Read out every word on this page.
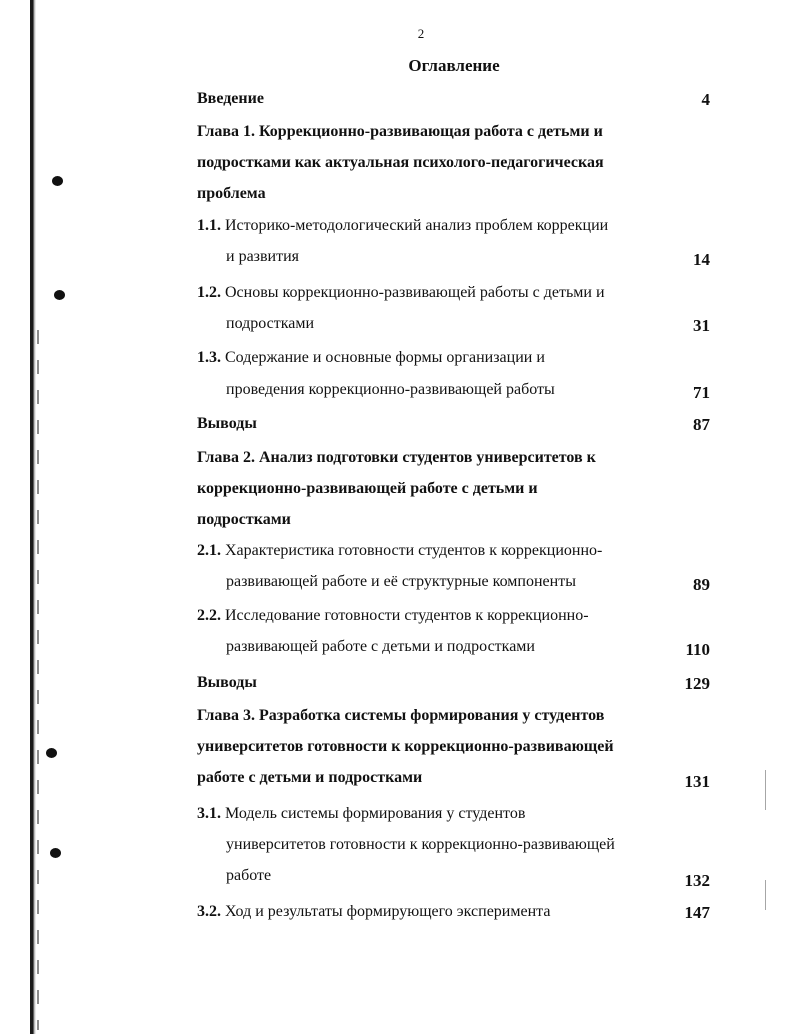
2
Оглавление
Введение	4
Глава 1. Коррекционно-развивающая работа с детьми и
подростками как актуальная психолого-педагогическая
проблема
1.1. Историко-методологический анализ проблем коррекции
и развития	14
1.2. Основы коррекционно-развивающей работы с детьми и
подростками	31
1.3. Содержание и основные формы организации и
проведения коррекционно-развивающей работы	71
Выводы	87
Глава 2. Анализ подготовки студентов университетов к
коррекционно-развивающей работе с детьми и
подростками
2.1. Характеристика готовности студентов к коррекционно-
развивающей работе и её структурные компоненты	89
2.2. Исследование готовности студентов к коррекционно-
развивающей работе с детьми и подростками	110
Выводы	129
Глава 3. Разработка системы формирования у студентов
университетов готовности к коррекционно-развивающей
работе с детьми и подростками	131
3.1. Модель системы формирования у студентов
университетов готовности к коррекционно-развивающей
работе	132
3.2. Ход и результаты формирующего эксперимента	147
